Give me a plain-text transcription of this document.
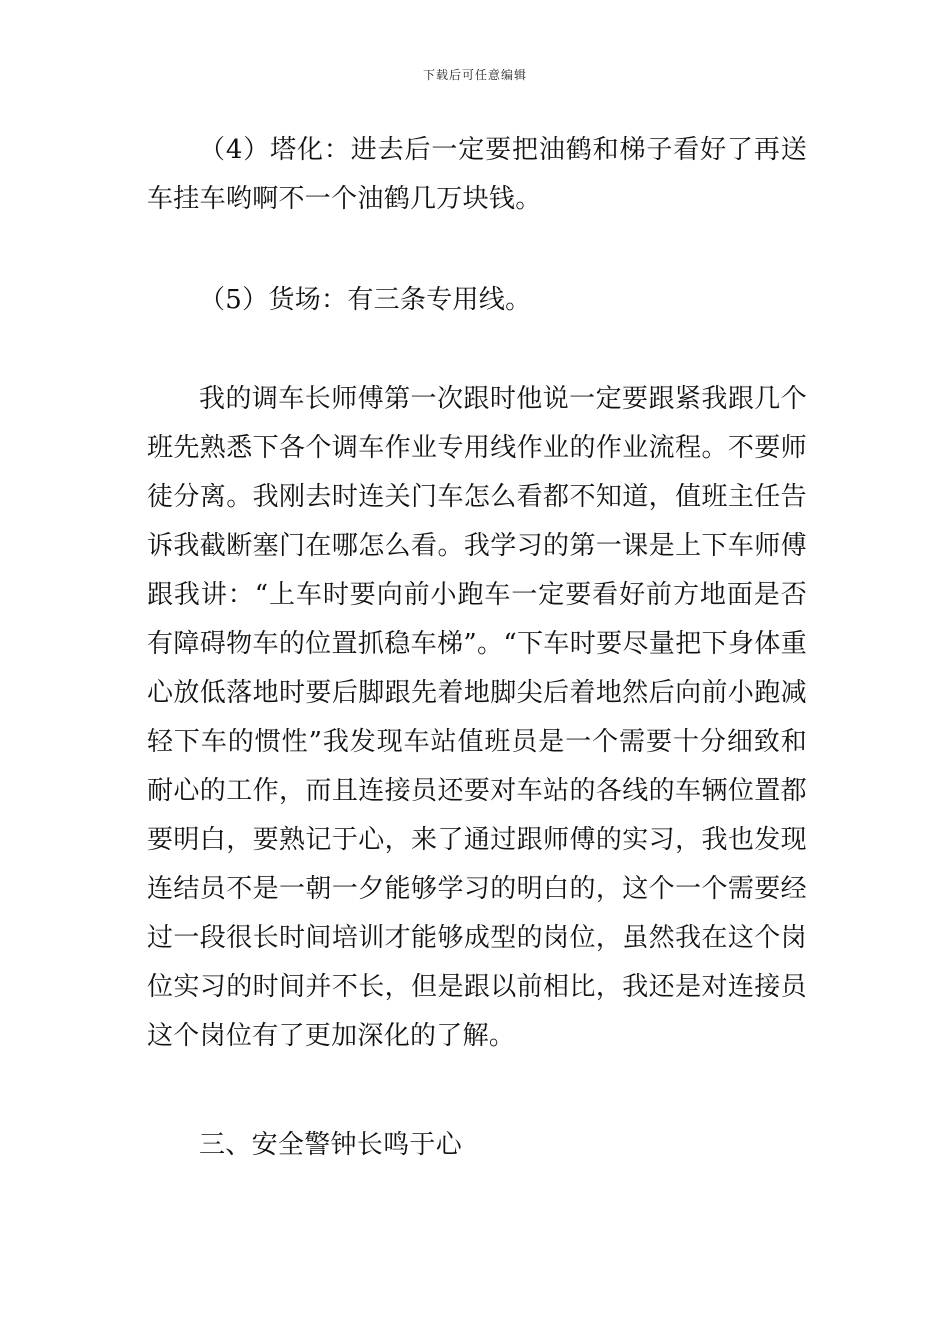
下载后可任意编辑

（4）塔化：进去后一定要把油鹤和梯子看好了再送车挂车哟啊不一个油鹤几万块钱。

（5）货场：有三条专用线。

我的调车长师傅第一次跟时他说一定要跟紧我跟几个班先熟悉下各个调车作业专用线作业的作业流程。不要师徒分离。我刚去时连关门车怎么看都不知道，值班主任告诉我截断塞门在哪怎么看。我学习的第一课是上下车师傅跟我讲：“上车时要向前小跑车一定要看好前方地面是否有障碍物车的位置抓稳车梯”。“下车时要尽量把下身体重心放低落地时要后脚跟先着地脚尖后着地然后向前小跑减轻下车的惯性”我发现车站值班员是一个需要十分细致和耐心的工作，而且连接员还要对车站的各线的车辆位置都要明白，要熟记于心，来了通过跟师傅的实习，我也发现连结员不是一朝一夕能够学习的明白的，这个一个需要经过一段很长时间培训才能够成型的岗位，虽然我在这个岗位实习的时间并不长，但是跟以前相比，我还是对连接员这个岗位有了更加深化的了解。

三、安全警钟长鸣于心
